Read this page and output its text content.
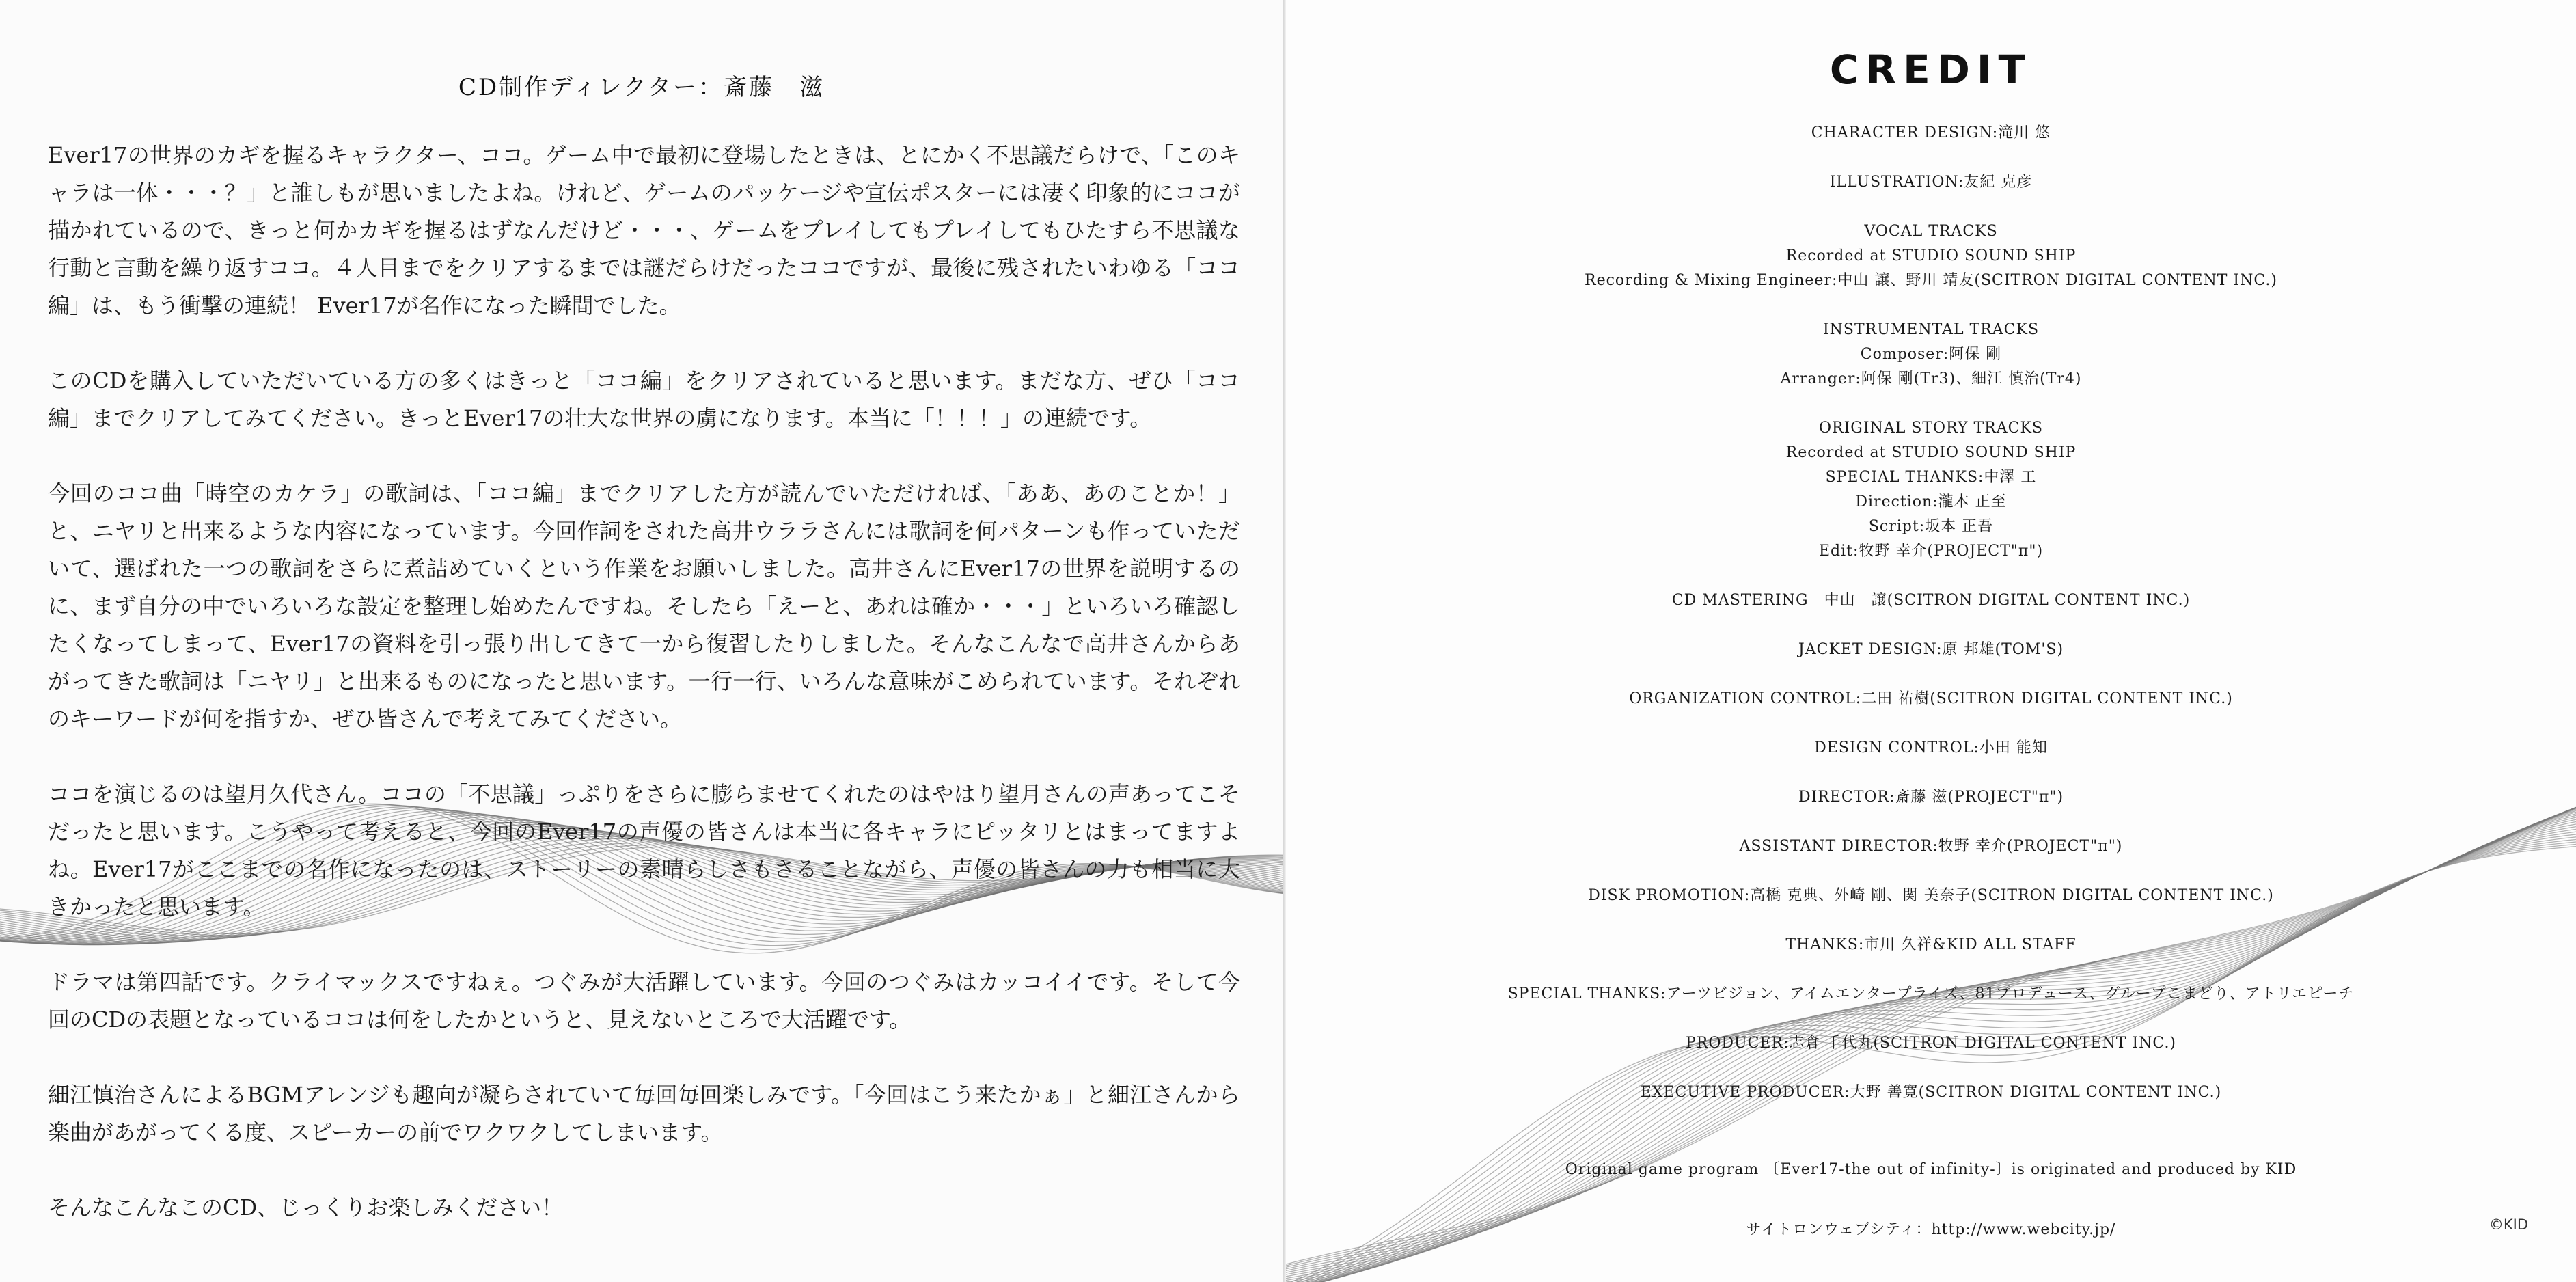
CD制作ディレクター：斎藤　滋

Ever17の世界のカギを握るキャラクター、ココ。ゲーム中で最初に登場したときは、とにかく不思議だらけで、「このキャラは一体・・・？」と誰しもが思いましたよね。けれど、ゲームのパッケージや宣伝ポスターには凄く印象的にココが描かれているので、きっと何かカギを握るはずなんだけど・・・、ゲームをプレイしてもプレイしてもひたすら不思議な行動と言動を繰り返すココ。４人目までをクリアするまでは謎だらけだったココですが、最後に残されたいわゆる「ココ編」は、もう衝撃の連続！ Ever17が名作になった瞬間でした。

このCDを購入していただいている方の多くはきっと「ココ編」をクリアされていると思います。まだな方、ぜひ「ココ編」までクリアしてみてください。きっとEver17の壮大な世界の虜になります。本当に「！！！」の連続です。

今回のココ曲「時空のカケラ」の歌詞は、「ココ編」までクリアした方が読んでいただければ、「ああ、あのことか！」と、ニヤリと出来るような内容になっています。今回作詞をされた高井ウララさんには歌詞を何パターンも作っていただいて、選ばれた一つの歌詞をさらに煮詰めていくという作業をお願いしました。高井さんにEver17の世界を説明するのに、まず自分の中でいろいろな設定を整理し始めたんですね。そしたら「えーと、あれは確か・・・」といろいろ確認したくなってしまって、Ever17の資料を引っ張り出してきて一から復習したりしました。そんなこんなで高井さんからあがってきた歌詞は「ニヤリ」と出来るものになったと思います。一行一行、いろんな意味がこめられています。それぞれのキーワードが何を指すか、ぜひ皆さんで考えてみてください。

ココを演じるのは望月久代さん。ココの「不思議」っぷりをさらに膨らませてくれたのはやはり望月さんの声あってこそだったと思います。こうやって考えると、今回のEver17の声優の皆さんは本当に各キャラにピッタリとはまってますよね。Ever17がここまでの名作になったのは、ストーリーの素晴らしさもさることながら、声優の皆さんの力も相当に大きかったと思います。

ドラマは第四話です。クライマックスですねぇ。つぐみが大活躍しています。今回のつぐみはカッコイイです。そして今回のCDの表題となっているココは何をしたかというと、見えないところで大活躍です。

細江慎治さんによるBGMアレンジも趣向が凝らされていて毎回毎回楽しみです。「今回はこう来たかぁ」と細江さんから楽曲があがってくる度、スピーカーの前でワクワクしてしまいます。

そんなこんなこのCD、じっくりお楽しみください！

CREDIT
CHARACTER DESIGN:滝川 悠
ILLUSTRATION:友紀 克彦
VOCAL TRACKS
Recorded at STUDIO SOUND SHIP
Recording & Mixing Engineer:中山 譲、野川 靖友(SCITRON DIGITAL CONTENT INC.)
INSTRUMENTAL TRACKS
Composer:阿保 剛
Arranger:阿保 剛(Tr3)、細江 慎治(Tr4)
ORIGINAL STORY TRACKS
Recorded at STUDIO SOUND SHIP
SPECIAL THANKS:中澤 工
Direction:瀧本 正至
Script:坂本 正吾
Edit:牧野 幸介(PROJECT"π")
CD MASTERING　中山　譲(SCITRON DIGITAL CONTENT INC.)
JACKET DESIGN:原 邦雄(TOM'S)
ORGANIZATION CONTROL:二田 祐樹(SCITRON DIGITAL CONTENT INC.)
DESIGN CONTROL:小田 能知
DIRECTOR:斎藤 滋(PROJECT"π")
ASSISTANT DIRECTOR:牧野 幸介(PROJECT"π")
DISK PROMOTION:高橋 克典、外崎 剛、関 美奈子(SCITRON DIGITAL CONTENT INC.)
THANKS:市川 久祥&KID ALL STAFF
SPECIAL THANKS:アーツビジョン、アイムエンタープライズ、81プロデュース、グループこまどり、アトリエピーチ
PRODUCER:志倉 千代丸(SCITRON DIGITAL CONTENT INC.)
EXECUTIVE PRODUCER:大野 善寛(SCITRON DIGITAL CONTENT INC.)
Original game program 〔Ever17-the out of infinity-〕is originated and produced by KID
サイトロンウェブシティ：http://www.webcity.jp/	©KID
